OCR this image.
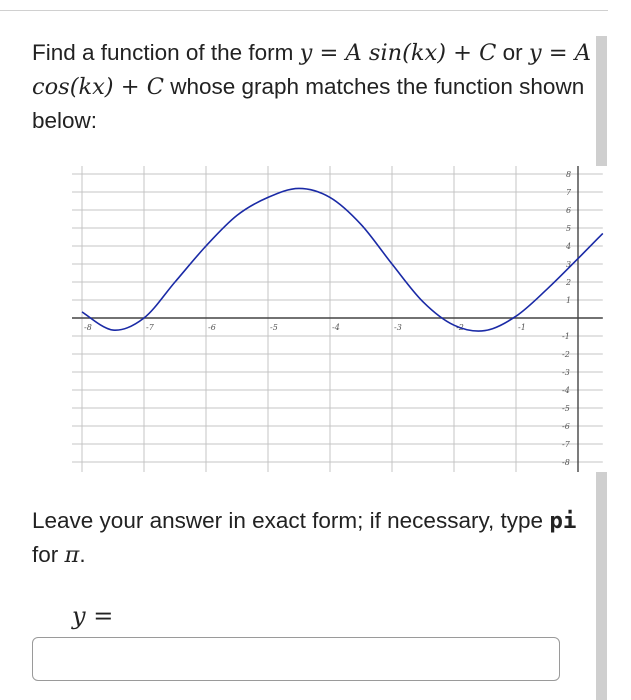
Find a function of the form y = A sin(kx) + C or y = A cos(kx) + C whose graph matches the function shown below:
-8	-7	-6	-5	-4	-3	-2	-1
8
7
6
5
4
3
2
1
-1
-2
-3
-4
-5
-6
-7
-8
Leave your answer in exact form; if necessary, type pi for π.
y =
